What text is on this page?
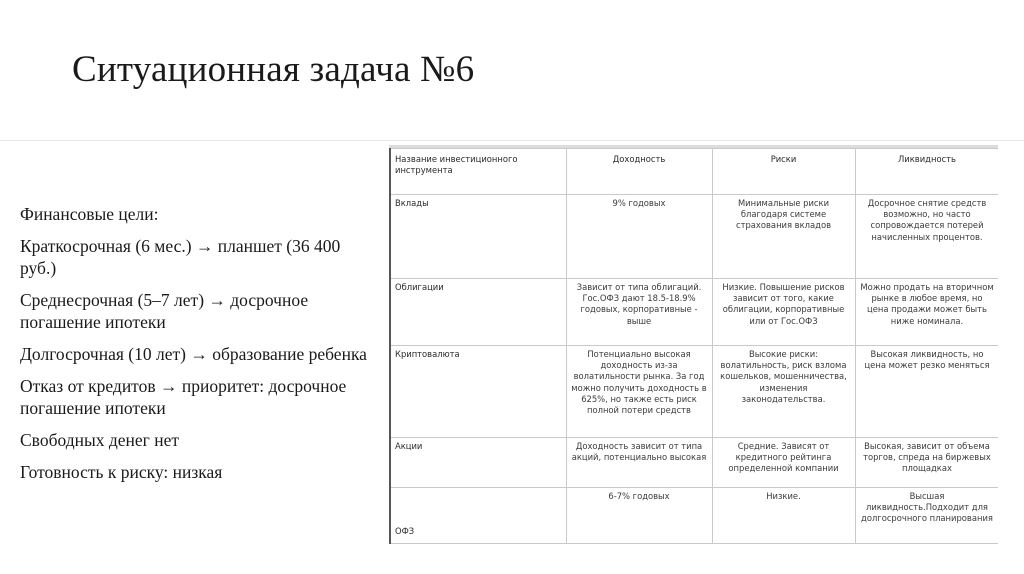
Ситуационная задача №6

Финансовые цели:

Краткосрочная (6 мес.) → планшет (36 400 руб.)

Среднесрочная (5–7 лет) → досрочное погашение ипотеки

Долгосрочная (10 лет) → образование ребенка

Отказ от кредитов → приоритет: досрочное погашение ипотеки

Свободных денег нет

Готовность к риску: низкая

Название инвестиционного инструмента	Доходность	Риски	Ликвидность
Вклады	9% годовых	Минимальные риски благодаря системе страхования вкладов	Досрочное снятие средств возможно, но часто сопровождается потерей начисленных процентов.
Облигации	Зависит от типа облигаций. Гос.ОФЗ дают 18.5-18.9% годовых, корпоративные - выше	Низкие. Повышение рисков зависит от того, какие облигации, корпоративные или от Гос.ОФЗ	Можно продать на вторичном рынке в любое время, но цена продажи может быть ниже номинала.
Криптовалюта	Потенциально высокая доходность из-за волатильности рынка. За год можно получить доходность в 625%, но также есть риск полной потери средств	Высокие риски: волатильность, риск взлома кошельков, мошенничества, изменения законодательства.	Высокая ликвидность, но цена может резко меняться
Акции	Доходность зависит от типа акций, потенциально высокая	Средние. Зависят от кредитного рейтинга определенной компании	Высокая, зависит от объема торгов, спреда на биржевых площадках
ОФЗ	6-7% годовых	Низкие.	Высшая ликвидность.Подходит для долгосрочного планирования
